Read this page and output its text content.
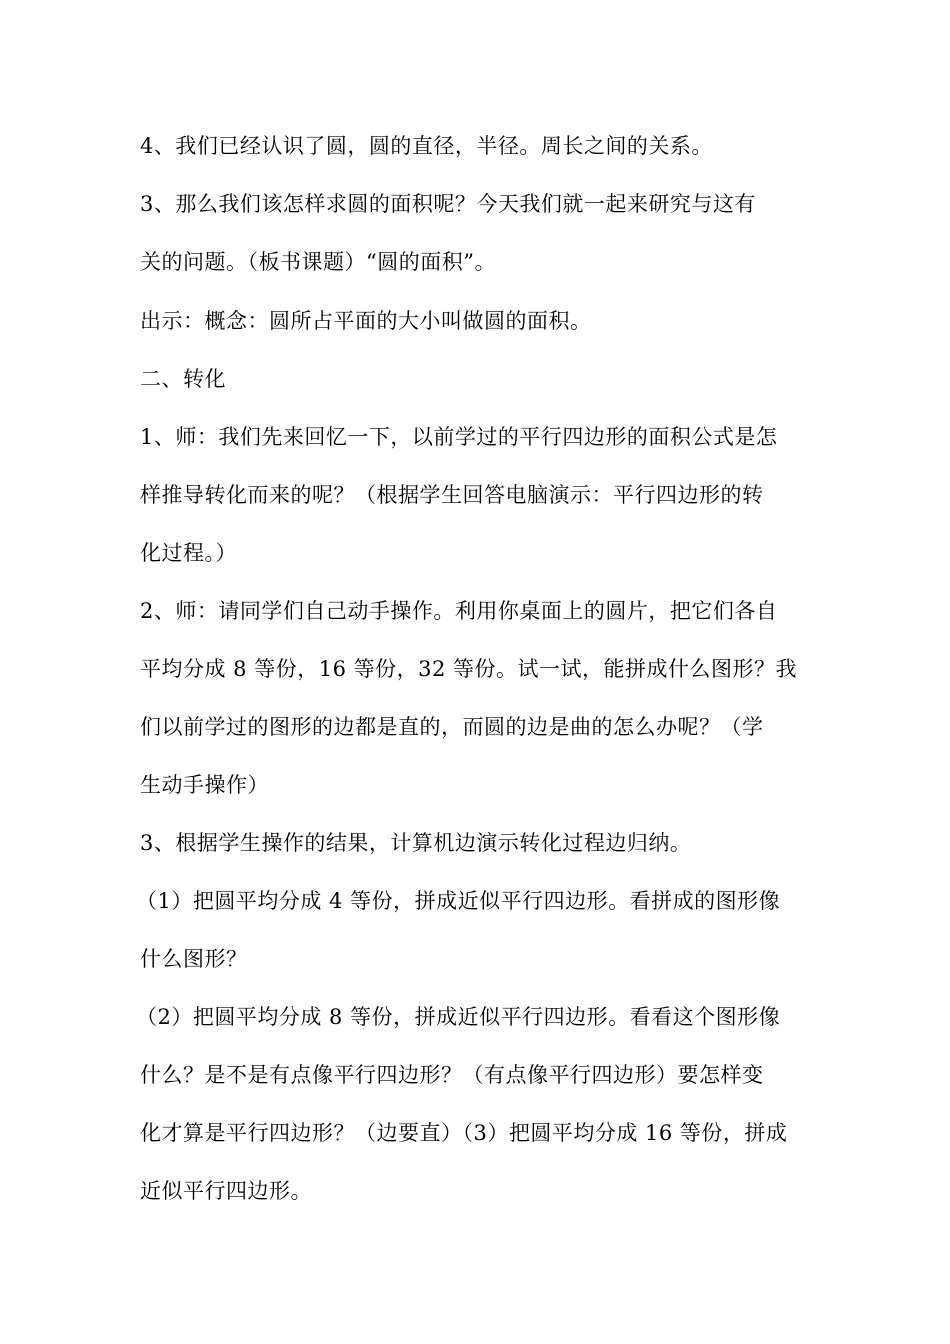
4、我们已经认识了圆，圆的直径，半径。周长之间的关系。

3、那么我们该怎样求圆的面积呢？今天我们就一起来研究与这有

关的问题。（板书课题）“圆的面积”。

出示：概念：圆所占平面的大小叫做圆的面积。

二、转化

1、师：我们先来回忆一下，以前学过的平行四边形的面积公式是怎

样推导转化而来的呢？（根据学生回答电脑演示：平行四边形的转

化过程。）

2、师：请同学们自己动手操作。利用你桌面上的圆片，把它们各自

平均分成 8 等份，16 等份，32 等份。试一试，能拼成什么图形？我

们以前学过的图形的边都是直的，而圆的边是曲的怎么办呢？（学

生动手操作）

3、根据学生操作的结果，计算机边演示转化过程边归纳。

（1）把圆平均分成 4 等份，拼成近似平行四边形。看拼成的图形像

什么图形？

（2）把圆平均分成 8 等份，拼成近似平行四边形。看看这个图形像

什么？是不是有点像平行四边形？（有点像平行四边形）要怎样变

化才算是平行四边形？（边要直）（3）把圆平均分成 16 等份，拼成

近似平行四边形。
